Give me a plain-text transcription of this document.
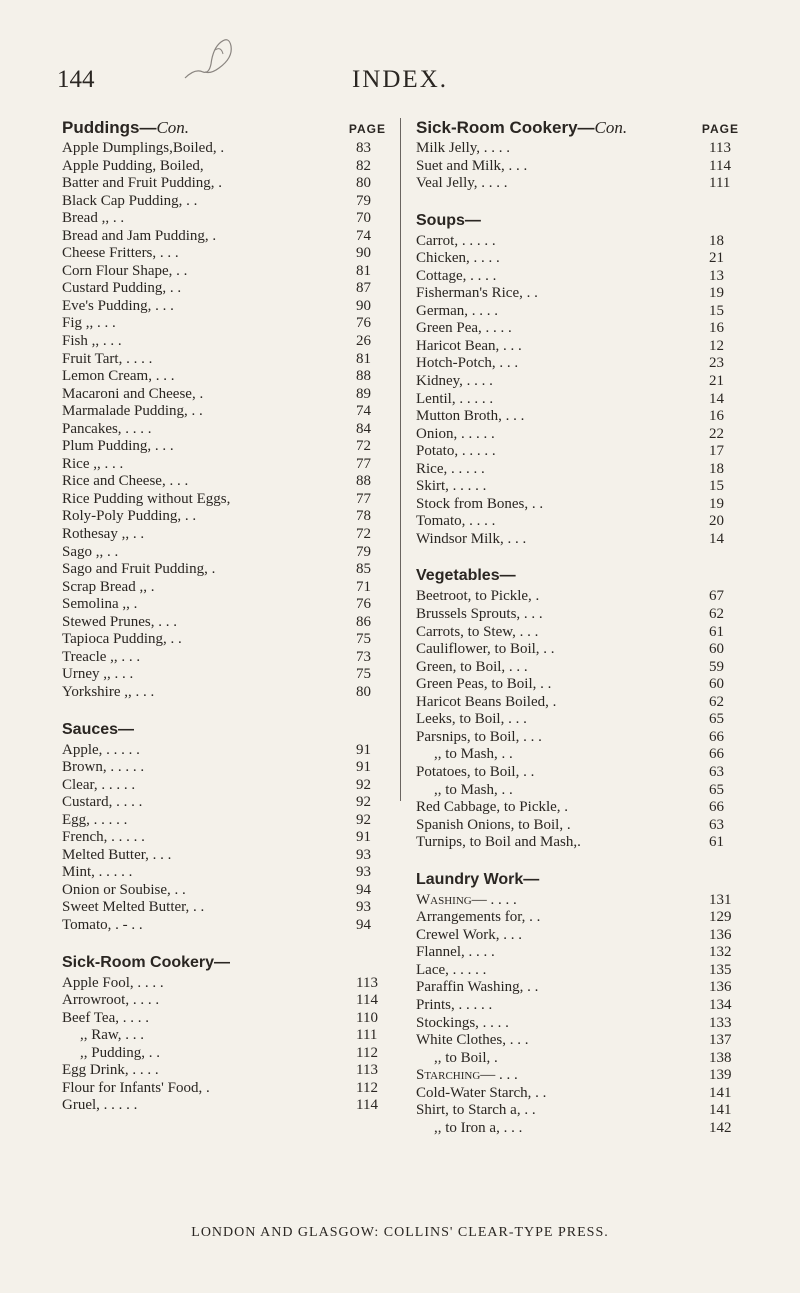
144	INDEX.
Puddings—Con.	PAGE
Apple Dumplings,Boiled, .	83
Apple Pudding, Boiled,	82
Batter and Fruit Pudding, .	80
Black Cap Pudding, . .	79
Bread ,, . .	70
Bread and Jam Pudding, .	74
Cheese Fritters, . . .	90
Corn Flour Shape, . .	81
Custard Pudding, . .	87
Eve's Pudding, . . .	90
Fig ,, . . .	76
Fish ,, . . .	26
Fruit Tart, . . . .	81
Lemon Cream, . . .	88
Macaroni and Cheese, .	89
Marmalade Pudding, . .	74
Pancakes, . . . .	84
Plum Pudding, . . .	72
Rice ,, . . .	77
Rice and Cheese, . . .	88
Rice Pudding without Eggs,	77
Roly-Poly Pudding, . .	78
Rothesay ,, . .	72
Sago ,, . .	79
Sago and Fruit Pudding, .	85
Scrap Bread ,, .	71
Semolina ,, .	76
Stewed Prunes, . . .	86
Tapioca Pudding, . .	75
Treacle ,, . . .	73
Urney ,, . . .	75
Yorkshire ,, . . .	80
Sauces—
Apple, . . . . .	91
Brown, . . . . .	91
Clear, . . . . .	92
Custard, . . . .	92
Egg, . . . . .	92
French, . . . . .	91
Melted Butter, . . .	93
Mint, . . . . .	93
Onion or Soubise, . .	94
Sweet Melted Butter, . .	93
Tomato, . - . .	94
Sick-Room Cookery—
Apple Fool, . . . .	113
Arrowroot, . . . .	114
Beef Tea, . . . .	110
,, Raw, . . .	111
,, Pudding, . .	112
Egg Drink, . . . .	113
Flour for Infants' Food, .	112
Gruel, . . . . .	114
Sick-Room Cookery—Con.	PAGE
Milk Jelly, . . . .	113
Suet and Milk, . . .	114
Veal Jelly, . . . .	111
Soups—
Carrot, . . . . .	18
Chicken, . . . .	21
Cottage, . . . .	13
Fisherman's Rice, . .	19
German, . . . .	15
Green Pea, . . . .	16
Haricot Bean, . . .	12
Hotch-Potch, . . .	23
Kidney, . . . .	21
Lentil, . . . . .	14
Mutton Broth, . . .	16
Onion, . . . . .	22
Potato, . . . . .	17
Rice, . . . . .	18
Skirt, . . . . .	15
Stock from Bones, . .	19
Tomato, . . . .	20
Windsor Milk, . . .	14
Vegetables—
Beetroot, to Pickle, .	67
Brussels Sprouts, . . .	62
Carrots, to Stew, . . .	61
Cauliflower, to Boil, . .	60
Green, to Boil, . . .	59
Green Peas, to Boil, . .	60
Haricot Beans Boiled, .	62
Leeks, to Boil, . . .	65
Parsnips, to Boil, . . .	66
,, to Mash, . .	66
Potatoes, to Boil, . .	63
,, to Mash, . .	65
Red Cabbage, to Pickle, .	66
Spanish Onions, to Boil, .	63
Turnips, to Boil and Mash,.	61
Laundry Work—
Washing— . . . .	131
Arrangements for, . .	129
Crewel Work, . . .	136
Flannel, . . . .	132
Lace, . . . . .	135
Paraffin Washing, . .	136
Prints, . . . . .	134
Stockings, . . . .	133
White Clothes, . . .	137
,, to Boil, .	138
Starching— . . .	139
Cold-Water Starch, . .	141
Shirt, to Starch a, . .	141
,, to Iron a, . . .	142
LONDON AND GLASGOW: COLLINS' CLEAR-TYPE PRESS.
